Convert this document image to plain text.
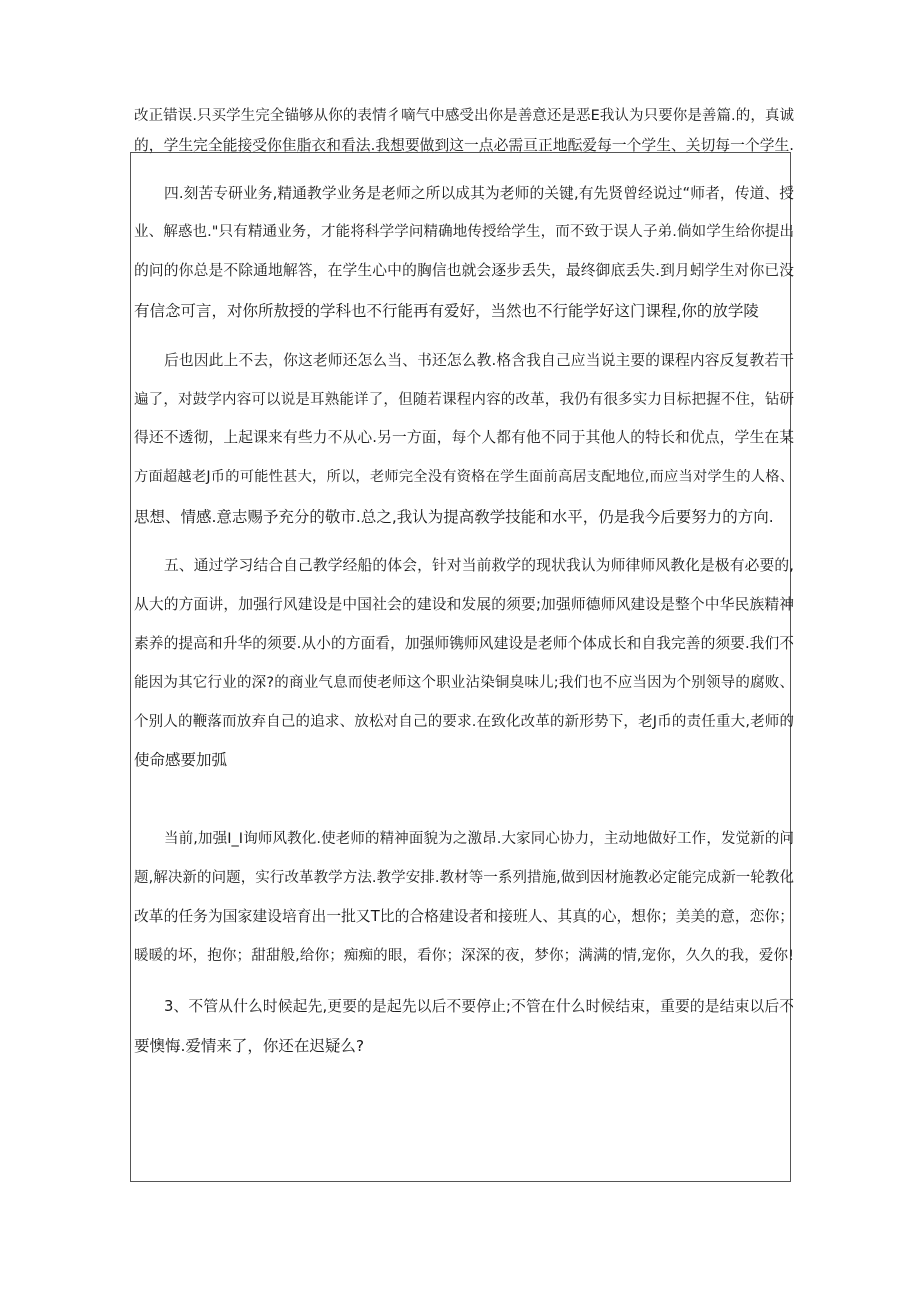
改正错误.只买学生完全锚够从你的表情彳嘀气中感受出你是善意还是恶E我认为只要你是善篇.的，真诚
的，学生完全能接受你隹脂衣和看法.我想要做到这一点必需亘正地酝爱每一个学生、关切每一个学生.
四.刻苦专研业务,精通教学业务是老师之所以成其为老师的关键,有先贤曾经说过“师者，传道、授
业、解惑也."只有精通业务，才能将科学学问精确地传授给学生，而不致于误人子弟.倘如学生给你提出
的问的你总是不除通地解答，在学生心中的胸信也就会逐步丢失，最终御底丢失.到月蚓学生对你已没
有信念可言，对你所敖授的学科也不行能再有爱好，当然也不行能学好这门课程,你的放学陵
后也因此上不去，你这老师还怎么当、书还怎么教.格含我自己应当说主要的课程内容反复教若干
遍了，对鼓学内容可以说是耳熟能详了，但随若课程内容的改革，我仍有很多实力目标把握不住，钻研
得还不透彻，上起课来有些力不从心.另一方面，每个人都有他不同于其他人的特长和优点，学生在某
方面超越老J币的可能性甚大，所以，老师完全没有资格在学生面前高居支配地位,而应当对学生的人格、
思想、情感.意志赐予充分的敬市.总之,我认为提高敎学技能和水平，仍是我今后要努力的方向.
五、通过学习结合自己教学经船的体会，针对当前救学的现状我认为师律师风教化是极有必要的,
从大的方面讲，加强行风建设是中国社会的建设和发展的须要;加强师德师风建设是整个中华民族精神
素养的提高和升华的须要.从小的方面看，加强师镌师风建设是老师个体成长和自我完善的须要.我们不
能因为其它行业的深?的商业气息而使老师这个职业沾染铜臭味儿;我们也不应当因为个别领导的腐败、
个别人的鞭落而放弃自己的追求、放松对自己的要求.在致化改革的新形势下，老J币的责任重大,老师的
使命感要加弧
当前,加强I_I询师风教化.使老师的精神面貌为之激昂.大家同心协力，主动地做好工作，发觉新的问
题,解决新的问题，实行改革教学方法.教学安排.教材等一系列措施,做到因材施教必定能完成新一轮教化
改革的任务为国家建设培育出一批又T比的合格建设者和接班人、其真的心，想你；美美的意，恋你；
暖暖的坏，抱你；甜甜般,给你；痴痴的眼，看你；深深的夜，梦你；满满的情,宠你，久久的我，爱你!
3、不管从什么时候起先,更要的是起先以后不要停止;不管在什么时候结束，重要的是结束以后不
要懊悔.爱情来了，你还在迟疑么?
